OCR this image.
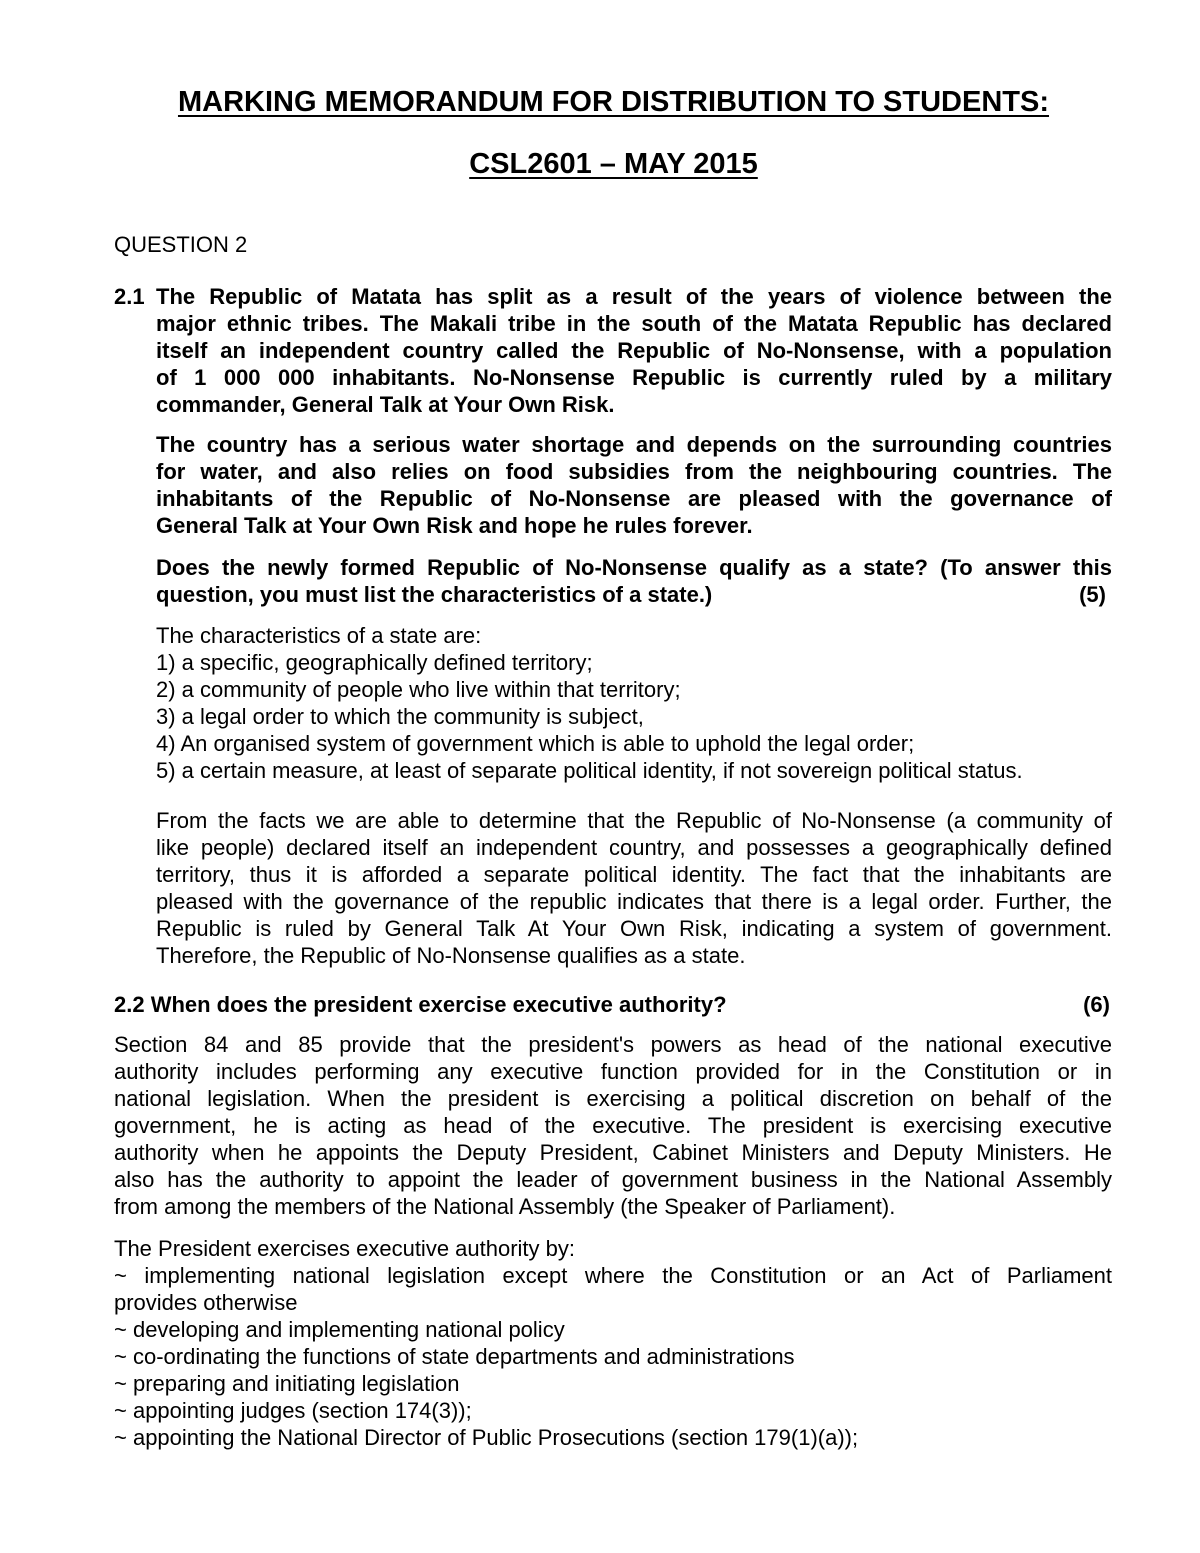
MARKING MEMORANDUM FOR DISTRIBUTION TO STUDENTS:
CSL2601 – MAY 2015
QUESTION 2
2.1 The Republic of Matata has split as a result of the years of violence between the
major ethnic tribes. The Makali tribe in the south of the Matata Republic has declared
itself an independent country called the Republic of No-Nonsense, with a population
of 1 000 000 inhabitants. No-Nonsense Republic is currently ruled by a military
commander, General Talk at Your Own Risk.
The country has a serious water shortage and depends on the surrounding countries
for water, and also relies on food subsidies from the neighbouring countries. The
inhabitants of the Republic of No-Nonsense are pleased with the governance of
General Talk at Your Own Risk and hope he rules forever.
Does the newly formed Republic of No-Nonsense qualify as a state? (To answer this
question, you must list the characteristics of a state.)	(5)
The characteristics of a state are:
1) a specific, geographically defined territory;
2) a community of people who live within that territory;
3) a legal order to which the community is subject,
4) An organised system of government which is able to uphold the legal order;
5) a certain measure, at least of separate political identity, if not sovereign political status.
From the facts we are able to determine that the Republic of No-Nonsense (a community of
like people) declared itself an independent country, and possesses a geographically defined
territory, thus it is afforded a separate political identity. The fact that the inhabitants are
pleased with the governance of the republic indicates that there is a legal order. Further, the
Republic is ruled by General Talk At Your Own Risk, indicating a system of government.
Therefore, the Republic of No-Nonsense qualifies as a state.
2.2 When does the president exercise executive authority?	(6)
Section 84 and 85 provide that the president's powers as head of the national executive
authority includes performing any executive function provided for in the Constitution or in
national legislation. When the president is exercising a political discretion on behalf of the
government, he is acting as head of the executive. The president is exercising executive
authority when he appoints the Deputy President, Cabinet Ministers and Deputy Ministers. He
also has the authority to appoint the leader of government business in the National Assembly
from among the members of the National Assembly (the Speaker of Parliament).
The President exercises executive authority by:
~ implementing national legislation except where the Constitution or an Act of Parliament
provides otherwise
~ developing and implementing national policy
~ co-ordinating the functions of state departments and administrations
~ preparing and initiating legislation
~ appointing judges (section 174(3));
~ appointing the National Director of Public Prosecutions (section 179(1)(a));
